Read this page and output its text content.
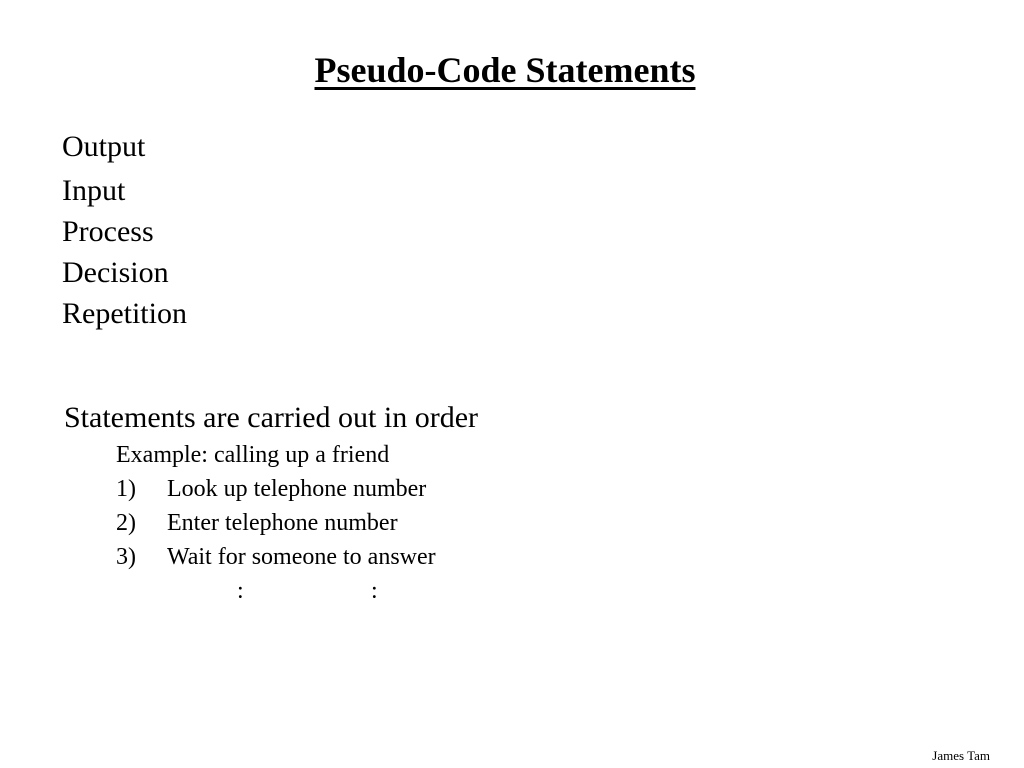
Pseudo-Code Statements
Output
Input
Process
Decision
Repetition
Statements are carried out in order
Example: calling up a friend
1) Look up telephone number
2) Enter telephone number
3) Wait for someone to answer
:	:
James Tam
